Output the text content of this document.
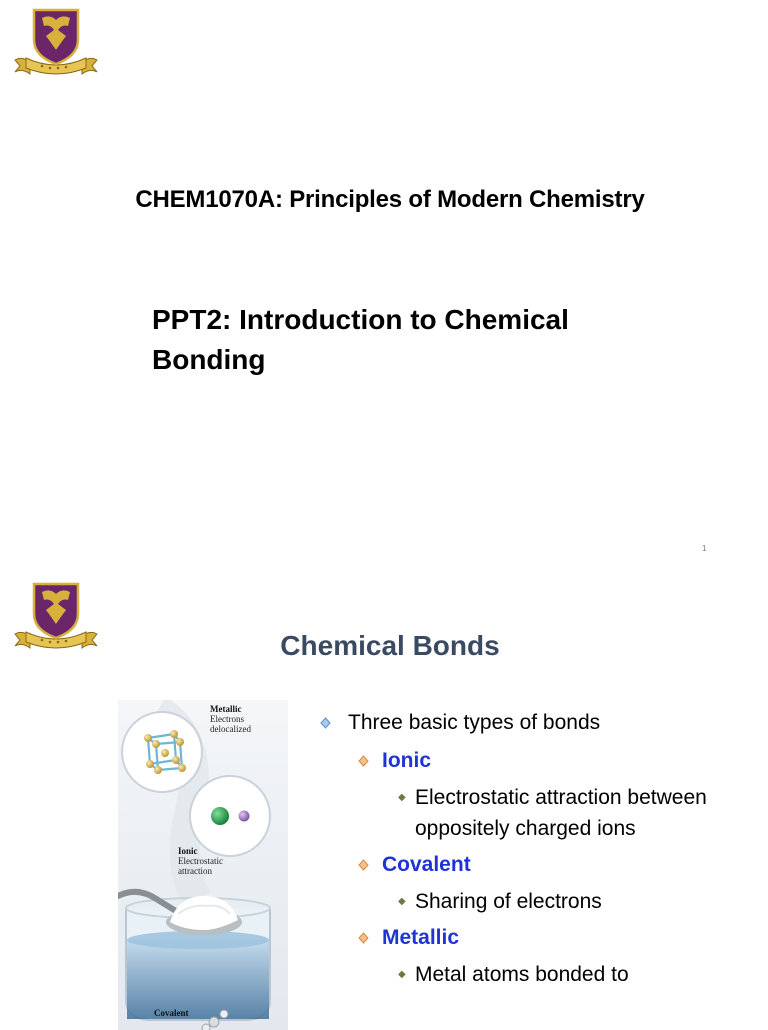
CHEM1070A: Principles of Modern Chemistry
PPT2: Introduction to Chemical Bonding
1
Chemical Bonds
Metallic
Electrons
delocalized
Ionic
Electrostatic
attraction
Covalent
Three basic types of bonds
Ionic
◆ Electrostatic attraction between oppositely charged ions
Covalent
◆ Sharing of electrons
Metallic
◆ Metal atoms bonded to
